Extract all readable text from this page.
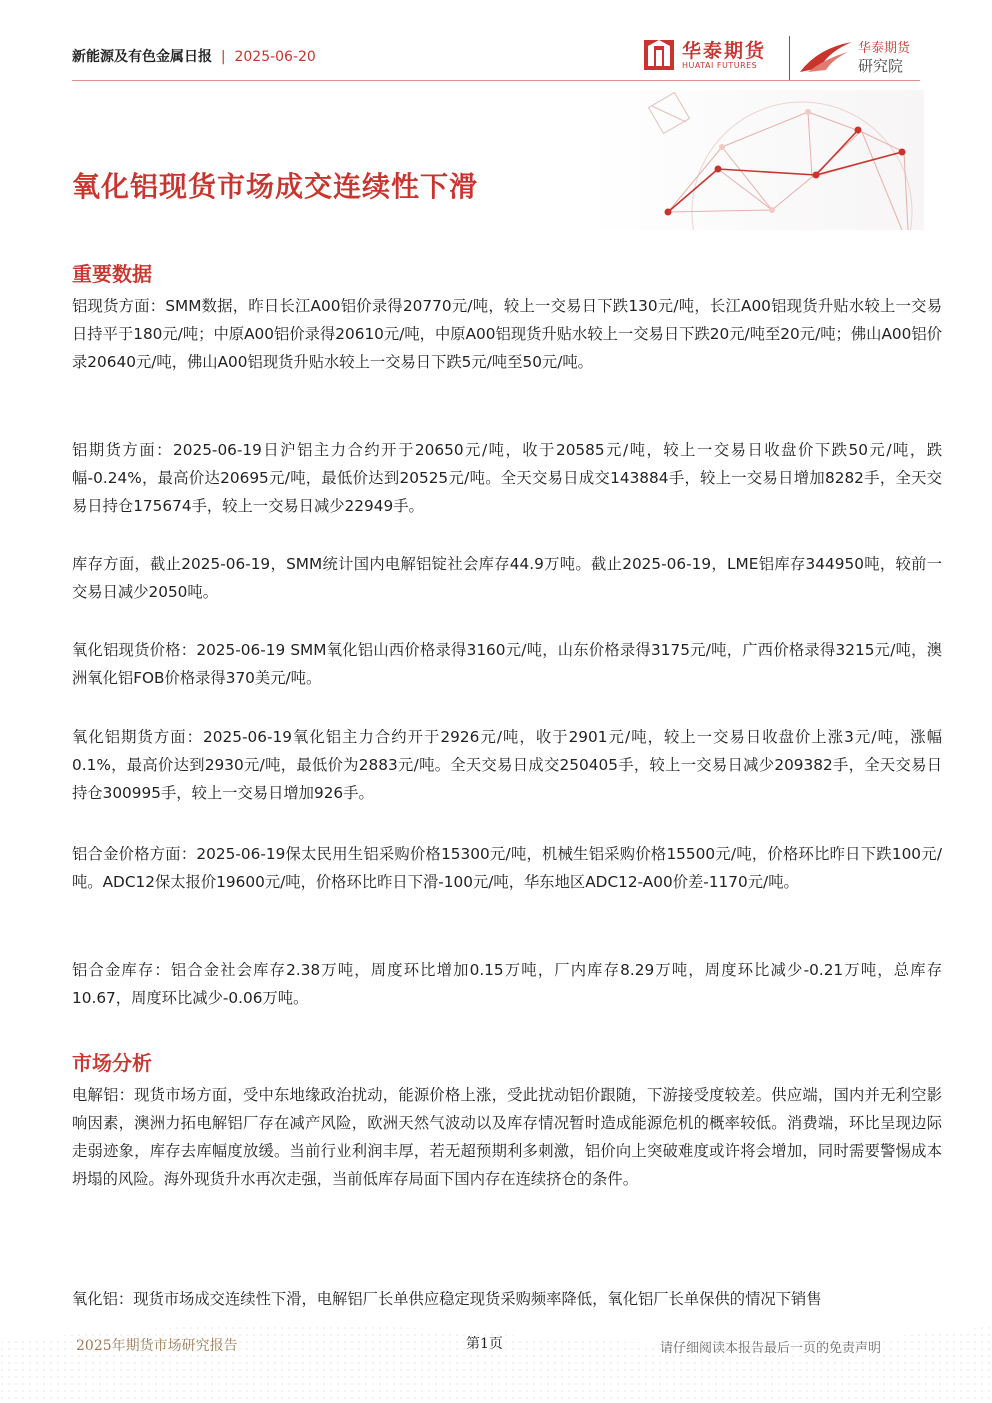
新能源及有色金属日报 | 2025-06-20	华泰期货
HUATAI FUTURES
华泰期货
研究院
氧化铝现货市场成交连续性下滑
重要数据
铝现货方面：SMM数据，昨日长江A00铝价录得20770元/吨，较上一交易日下跌130元/吨，长江A00铝现货升贴水较上一交易日持平于180元/吨；中原A00铝价录得20610元/吨，中原A00铝现货升贴水较上一交易日下跌20元/吨至20元/吨；佛山A00铝价录20640元/吨，佛山A00铝现货升贴水较上一交易日下跌5元/吨至50元/吨。
铝期货方面：2025-06-19日沪铝主力合约开于20650元/吨，收于20585元/吨，较上一交易日收盘价下跌50元/吨，跌幅-0.24%，最高价达20695元/吨，最低价达到20525元/吨。全天交易日成交143884手，较上一交易日增加8282手，全天交易日持仓175674手，较上一交易日减少22949手。
库存方面，截止2025-06-19，SMM统计国内电解铝锭社会库存44.9万吨。截止2025-06-19，LME铝库存344950吨，较前一交易日减少2050吨。
氧化铝现货价格：2025-06-19 SMM氧化铝山西价格录得3160元/吨，山东价格录得3175元/吨，广西价格录得3215元/吨，澳洲氧化铝FOB价格录得370美元/吨。
氧化铝期货方面：2025-06-19氧化铝主力合约开于2926元/吨，收于2901元/吨，较上一交易日收盘价上涨3元/吨，涨幅0.1%，最高价达到2930元/吨，最低价为2883元/吨。全天交易日成交250405手，较上一交易日减少209382手，全天交易日持仓300995手，较上一交易日增加926手。
铝合金价格方面：2025-06-19保太民用生铝采购价格15300元/吨，机械生铝采购价格15500元/吨，价格环比昨日下跌100元/吨。ADC12保太报价19600元/吨，价格环比昨日下滑-100元/吨，华东地区ADC12-A00价差-1170元/吨。
铝合金库存：铝合金社会库存2.38万吨，周度环比增加0.15万吨，厂内库存8.29万吨，周度环比减少-0.21万吨，总库存10.67，周度环比减少-0.06万吨。
市场分析
电解铝：现货市场方面，受中东地缘政治扰动，能源价格上涨，受此扰动铝价跟随，下游接受度较差。供应端，国内并无利空影响因素，澳洲力拓电解铝厂存在减产风险，欧洲天然气波动以及库存情况暂时造成能源危机的概率较低。消费端，环比呈现边际走弱迹象，库存去库幅度放缓。当前行业利润丰厚，若无超预期利多刺激，铝价向上突破难度或许将会增加，同时需要警惕成本坍塌的风险。海外现货升水再次走强，当前低库存局面下国内存在连续挤仓的条件。
氧化铝：现货市场成交连续性下滑，电解铝厂长单供应稳定现货采购频率降低，氧化铝厂长单保供的情况下销售
2025年期货市场研究报告	第1页	请仔细阅读本报告最后一页的免责声明
